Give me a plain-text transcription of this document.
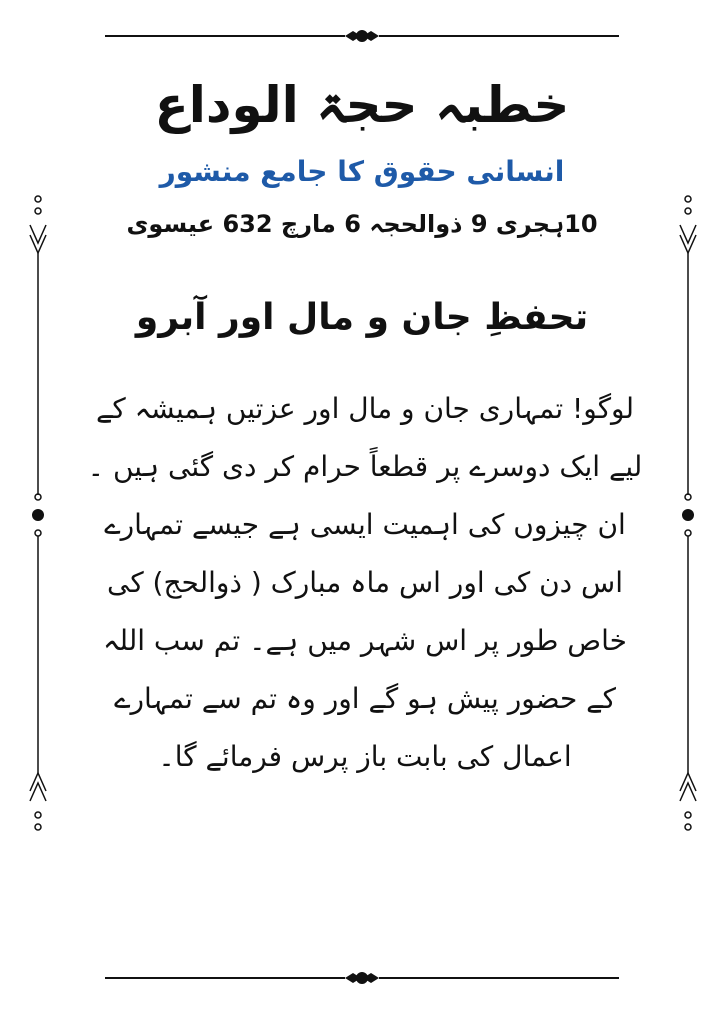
خطبہ حجۃ الوداع
انسانی حقوق کا جامع منشور

10ہجری 9 ذوالحجہ 6 مارچ 632 عیسوی

تحفظِ جان و مال اور آبرو

لوگو! تمہاری جان و مال اور عزتیں ہمیشہ کے لیے ایک دوسرے پر قطعاً حرام کر دی گئی ہیں ۔ان چیزوں کی اہمیت ایسی ہے جیسے تمہارے اس دن کی اور اس ماہ مبارک ( ذوالحج) کی خاص طور پر اس شہر میں ہے۔ تم سب اللہ کے حضور پیش ہو گے اور وہ تم سے تمہارے اعمال کی بابت باز پرس فرمائے گا۔
